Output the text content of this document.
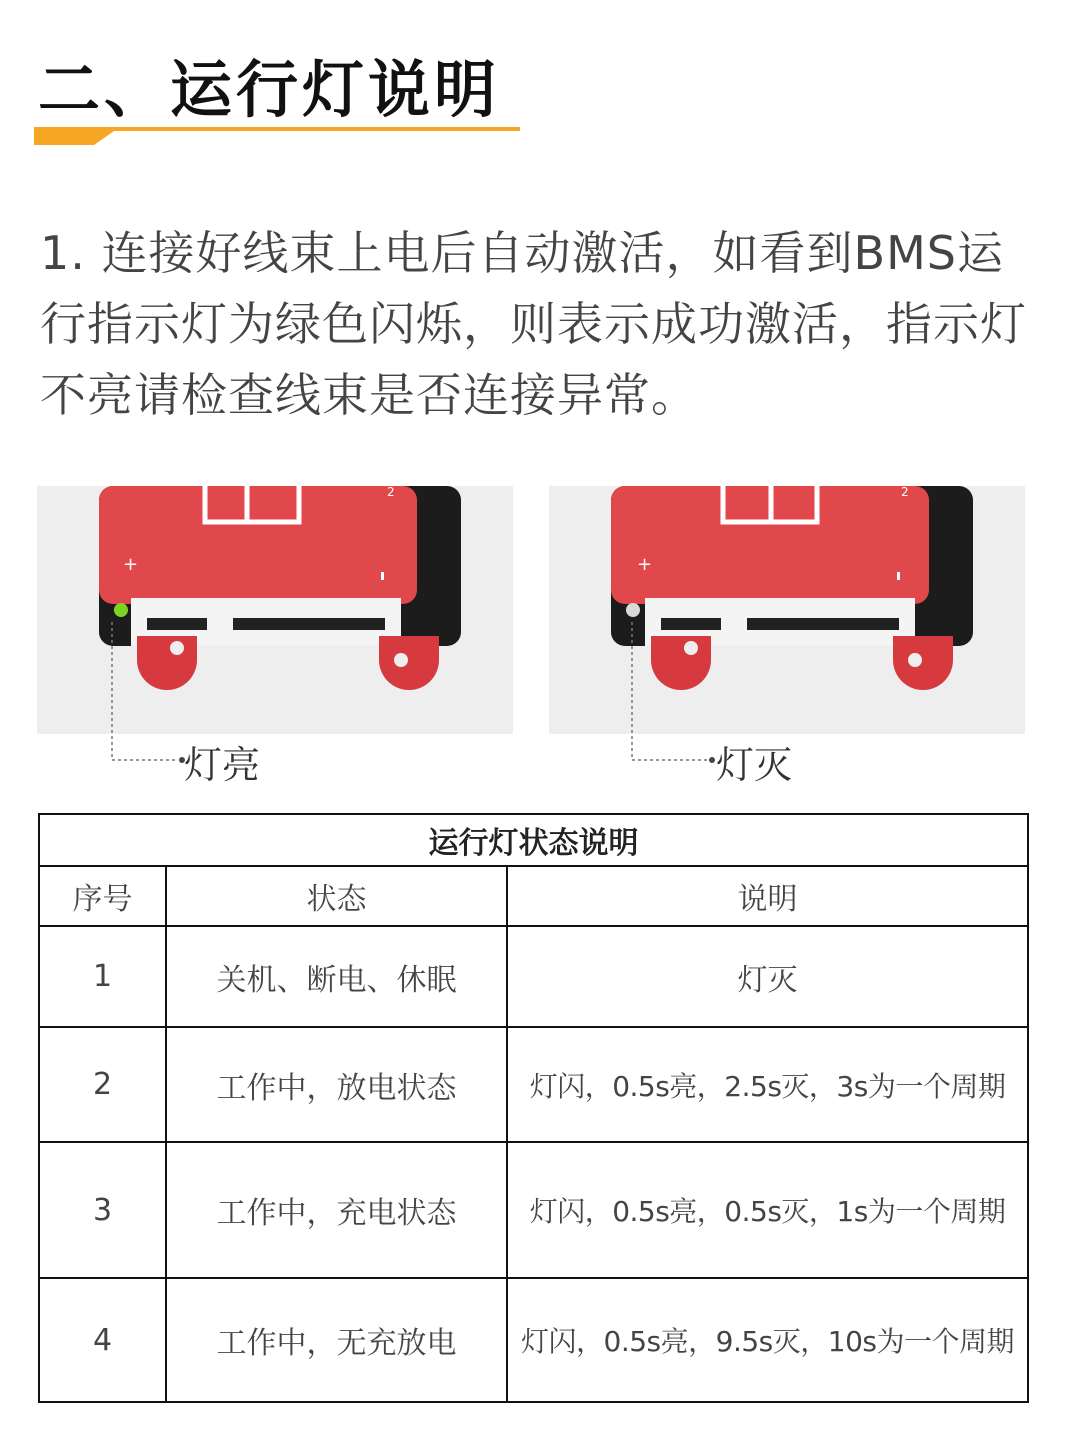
二、运行灯说明

1. 连接好线束上电后自动激活，如看到BMS运行指示灯为绿色闪烁，则表示成功激活，指示灯不亮请检查线束是否连接异常。

+
2
+
2
灯亮	灯灭
运行灯状态说明		
序号	状态	说明
1	关机、断电、休眠	灯灭
2	工作中，放电状态	灯闪，0.5s亮，2.5s灭，3s为一个周期
3	工作中，充电状态	灯闪，0.5s亮，0.5s灭，1s为一个周期
4	工作中，无充放电	灯闪，0.5s亮，9.5s灭，10s为一个周期
